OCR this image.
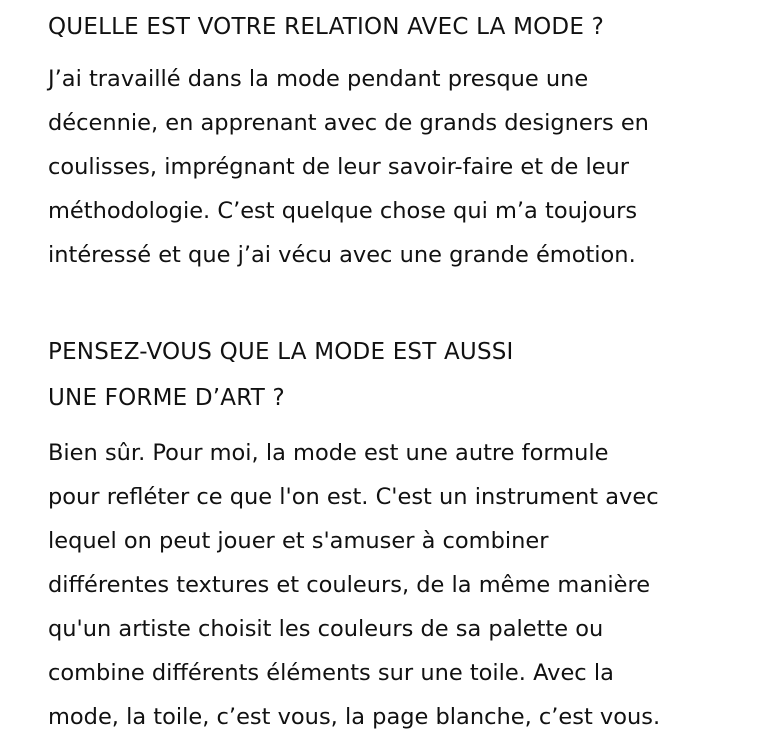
QUELLE EST VOTRE RELATION AVEC LA MODE ?

J’ai travaillé dans la mode pendant presque une
décennie, en apprenant avec de grands designers en
coulisses, imprégnant de leur savoir-faire et de leur
méthodologie. C’est quelque chose qui m’a toujours
intéressé et que j’ai vécu avec une grande émotion.

PENSEZ-VOUS QUE LA MODE EST AUSSI
UNE FORME D’ART ?

Bien sûr. Pour moi, la mode est une autre formule
pour refléter ce que l'on est. C'est un instrument avec
lequel on peut jouer et s'amuser à combiner
différentes textures et couleurs, de la même manière
qu'un artiste choisit les couleurs de sa palette ou
combine différents éléments sur une toile. Avec la
mode, la toile, c’est vous, la page blanche, c’est vous.
